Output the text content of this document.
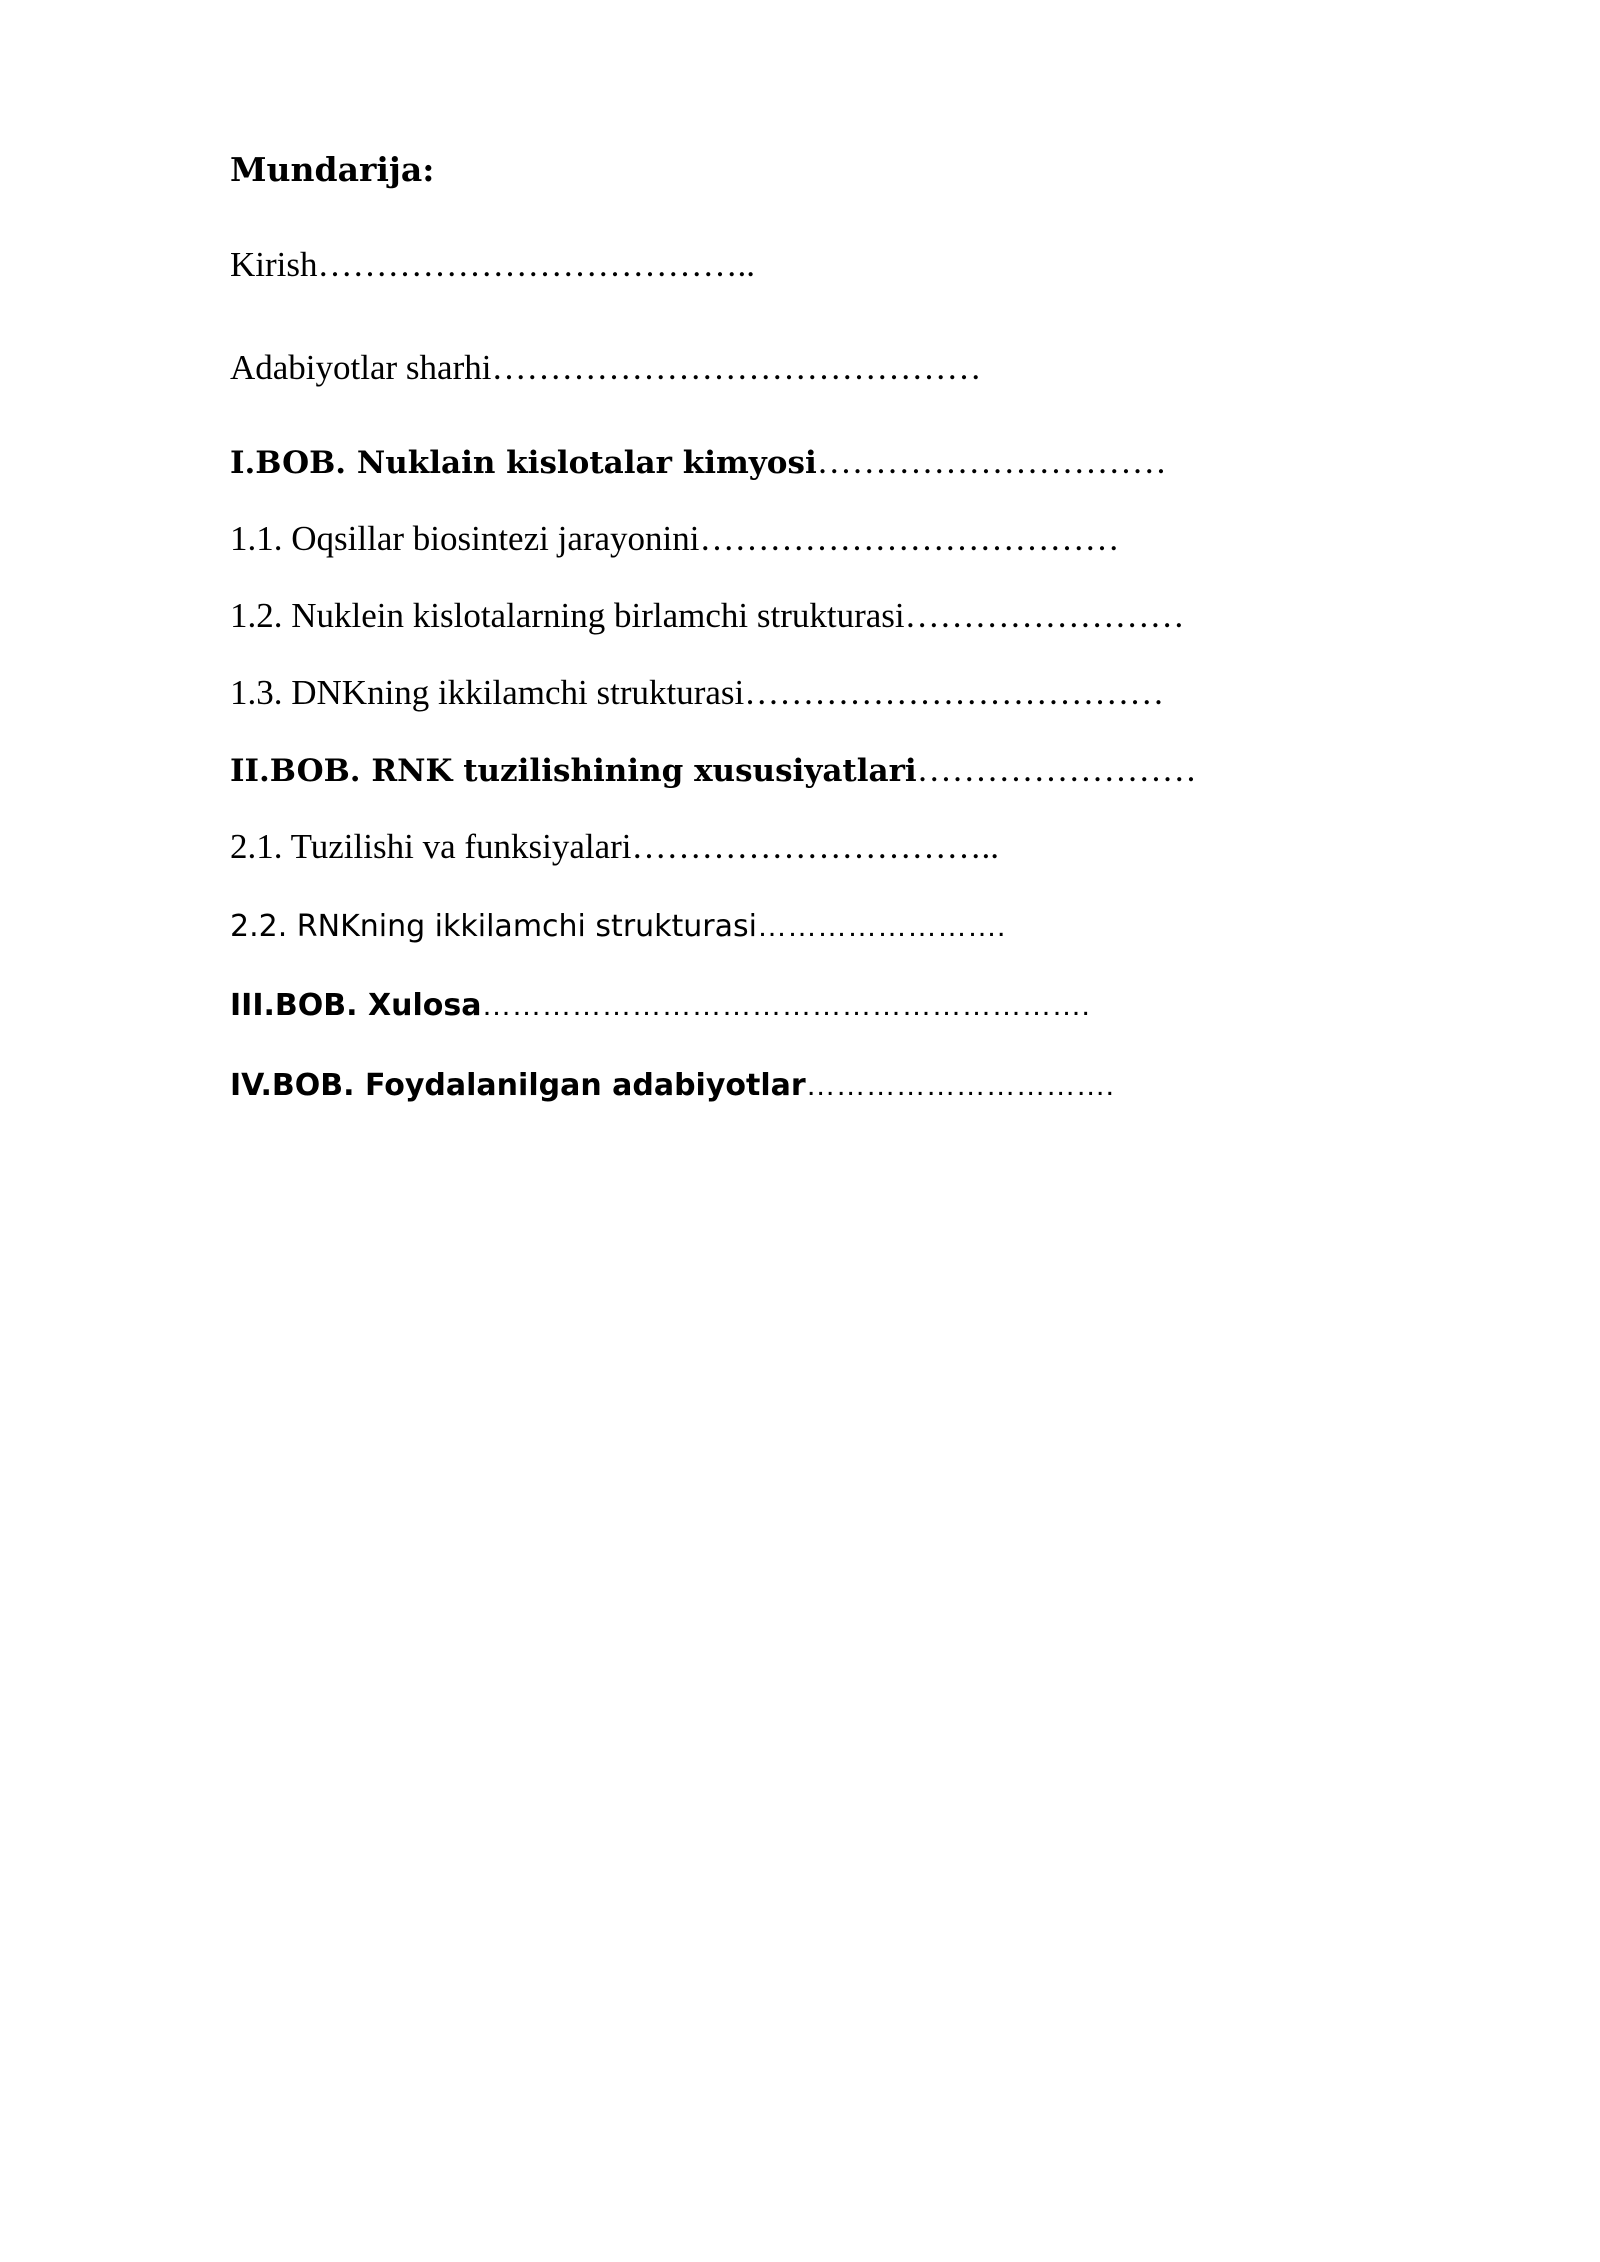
Mundarija:
Kirish………………………………..
Adabiyotlar sharhi……………………………………
I.BOB. Nuklain kislotalar kimyosi…………………………
1.1. Oqsillar biosintezi jarayonini………………………………
1.2. Nuklein kislotalarning birlamchi strukturasi……………………
1.3. DNKning ikkilamchi strukturasi………………………………
II.BOB. RNK tuzilishining xususiyatlari……………………
2.1. Tuzilishi va funksiyalari…………………………..
2.2. RNKning ikkilamchi strukturasi…………………….
III.BOB. Xulosa…………………………………………………….
IV.BOB. Foydalanilgan adabiyotlar………………………….
